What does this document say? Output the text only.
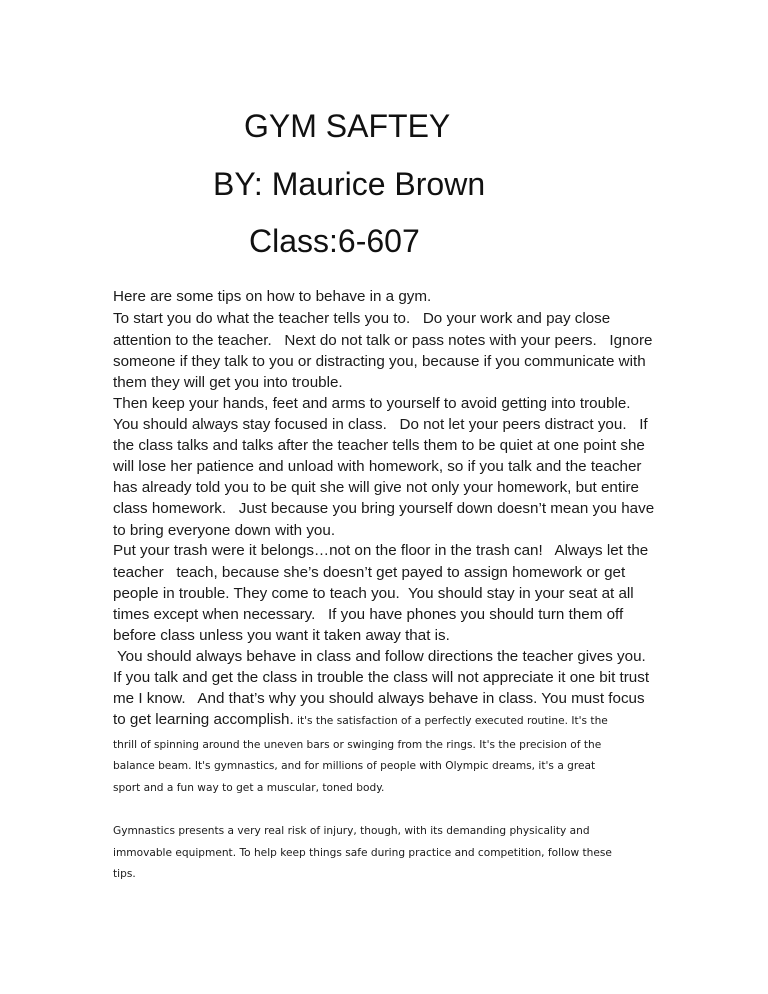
GYM SAFTEY
BY: Maurice Brown
Class:6-607
Here are some tips on how to behave in a gym.
To start you do what the teacher tells you to.   Do your work and pay close
attention to the teacher.   Next do not talk or pass notes with your peers.   Ignore
someone if they talk to you or distracting you, because if you communicate with
them they will get you into trouble.
Then keep your hands, feet and arms to yourself to avoid getting into trouble.
You should always stay focused in class.   Do not let your peers distract you.   If
the class talks and talks after the teacher tells them to be quiet at one point she
will lose her patience and unload with homework, so if you talk and the teacher
has already told you to be quit she will give not only your homework, but entire
class homework.   Just because you bring yourself down doesn’t mean you have
to bring everyone down with you.
Put your trash were it belongs…not on the floor in the trash can!   Always let the
teacher   teach, because she’s doesn’t get payed to assign homework or get
people in trouble. They come to teach you.  You should stay in your seat at all
times except when necessary.   If you have phones you should turn them off
before class unless you want it taken away that is.
You should always behave in class and follow directions the teacher gives you.
If you talk and get the class in trouble the class will not appreciate it one bit trust
me I know.   And that’s why you should always behave in class. You must focus
to get learning accomplish. it's the satisfaction of a perfectly executed routine. It's the
thrill of spinning around the uneven bars or swinging from the rings. It's the precision of the
balance beam. It's gymnastics, and for millions of people with Olympic dreams, it's a great
sport and a fun way to get a muscular, toned body.
Gymnastics presents a very real risk of injury, though, with its demanding physicality and
immovable equipment. To help keep things safe during practice and competition, follow these
tips.
